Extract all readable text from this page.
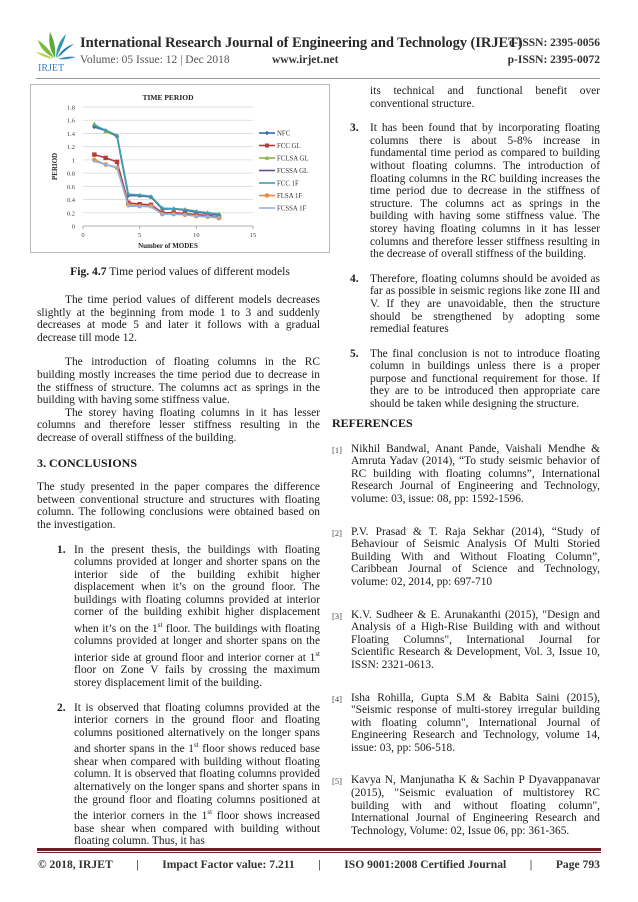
IRJET
International Research Journal of Engineering and Technology (IRJET)
Volume: 05 Issue: 12 | Dec 2018	www.irjet.net
e-ISSN: 2395-0056
p-ISSN: 2395-0072
TIME PERIOD
0
0.2
0.4
0.6
0.8
1
1.2
1.4
1.6
1.8
0	5	10	15
Number of MODES
PERIOD
NFC
FCC GL
FCLSA GL
FCSSA GL
FCC 1F
FLSA 1F
FCSSA 1F
Fig. 4.7 Time period values of different models

The time period values of different models decreases slightly at the beginning from mode 1 to 3 and suddenly decreases at mode 5 and later it follows with a gradual decrease till mode 12.

The introduction of floating columns in the RC building mostly increases the time period due to decrease in the stiffness of structure. The columns act as springs in the building with having some stiffness value.

The storey having floating columns in it has lesser columns and therefore lesser stiffness resulting in the decrease of overall stiffness of the building.

3. CONCLUSIONS

The study presented in the paper compares the difference between conventional structure and structures with floating column. The following conclusions were obtained based on the investigation.

1. In the present thesis, the buildings with floating columns provided at longer and shorter spans on the interior side of the building exhibit higher displacement when it’s on the ground floor. The buildings with floating columns provided at interior corner of the building exhibit higher displacement when it’s on the 1st floor. The buildings with floating columns provided at longer and shorter spans on the interior side at ground floor and interior corner at 1st floor on Zone V fails by crossing the maximum storey displacement limit of the building.
2. It is observed that floating columns provided at the interior corners in the ground floor and floating columns positioned alternatively on the longer spans and shorter spans in the 1st floor shows reduced base shear when compared with building without floating column. It is observed that floating columns provided alternatively on the longer spans and shorter spans in the ground floor and floating columns positioned at the interior corners in the 1st floor shows increased base shear when compared with building without floating column. Thus, it has

its technical and functional benefit over conventional structure.

3. It has been found that by incorporating floating columns there is about 5-8% increase in fundamental time period as compared to building without floating columns. The introduction of floating columns in the RC building increases the time period due to decrease in the stiffness of structure. The columns act as springs in the building with having some stiffness value. The storey having floating columns in it has lesser columns and therefore lesser stiffness resulting in the decrease of overall stiffness of the building.
4. Therefore, floating columns should be avoided as far as possible in seismic regions like zone III and V. If they are unavoidable, then the structure should be strengthened by adopting some remedial features
5. The final conclusion is not to introduce floating column in buildings unless there is a proper purpose and functional requirement for those. If they are to be introduced then appropriate care should be taken while designing the structure.
REFERENCES
[1] Nikhil Bandwal, Anant Pande, Vaishali Mendhe & Amruta Yadav (2014), “To study seismic behavior of RC building with floating columns”, International Research Journal of Engineering and Technology, volume: 03, issue: 08, pp: 1592-1596.
[2] P.V. Prasad & T. Raja Sekhar (2014), “Study of Behaviour of Seismic Analysis Of Multi Storied Building With and Without Floating Column”, Caribbean Journal of Science and Technology, volume: 02, 2014, pp: 697-710
[3] K.V. Sudheer & E. Arunakanthi (2015), "Design and Analysis of a High-Rise Building with and without Floating Columns", International Journal for Scientific Research & Development, Vol. 3, Issue 10, ISSN: 2321-0613.
[4] Isha Rohilla, Gupta S.M & Babita Saini (2015), "Seismic response of multi-storey irregular building with floating column", International Journal of Engineering Research and Technology, volume 14, issue: 03, pp: 506-518.
[5] Kavya N, Manjunatha K & Sachin P Dyavappanavar (2015), "Seismic evaluation of multistorey RC building with and without floating column", International Journal of Engineering Research and Technology, Volume: 02, Issue 06, pp: 361-365.
© 2018, IRJET | Impact Factor value: 7.211 | ISO 9001:2008 Certified Journal | Page 793
